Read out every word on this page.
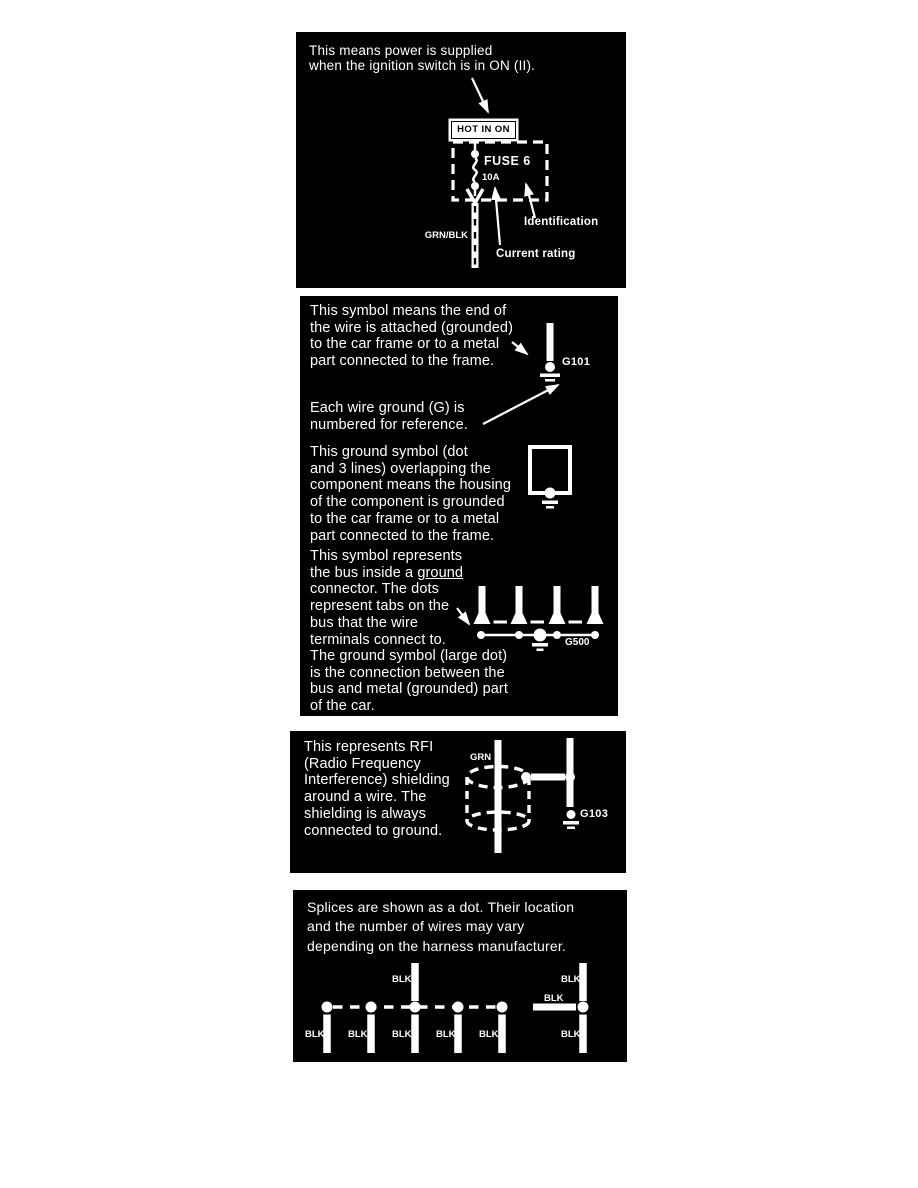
This means power is supplied
when the ignition switch is in ON (II).
HOT IN ON
FUSE 6
10A
GRN/BLK
Identification
Current rating
This symbol means the end of
the wire is attached (grounded)
to the car frame or to a metal
part connected to the frame.
Each wire ground (G) is
numbered for reference.
This ground symbol (dot
and 3 lines) overlapping the
component means the housing
of the component is grounded
to the car frame or to a metal
part connected to the frame.
This symbol represents
the bus inside a ground
connector. The dots
represent tabs on the
bus that the wire
terminals connect to.
The ground symbol (large dot)
is the connection between the
bus and metal (grounded) part
of the car.
G101
G500
This represents RFI
(Radio Frequency
Interference) shielding
around a wire. The
shielding is always
connected to ground.
GRN
G103
Splices are shown as a dot. Their location
and the number of wires may vary
depending on the harness manufacturer.
BLK BLK	BLK	BLK BLK
BLK	BLK
BLK
BLK
